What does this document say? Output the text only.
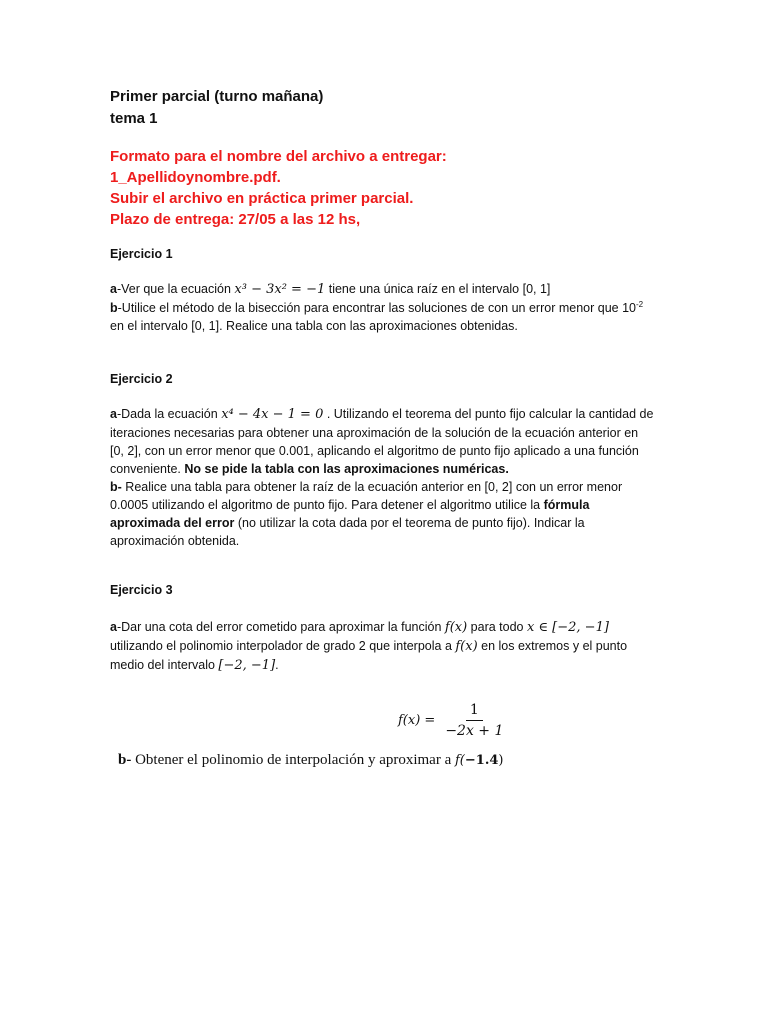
Primer parcial (turno mañana)
tema 1
Formato para el nombre del archivo a entregar:
1_Apellidoynombre.pdf.
Subir el archivo en práctica primer parcial.
Plazo de entrega: 27/05 a las 12 hs,
Ejercicio 1

a-Ver que la ecuación x³ − 3x² = −1 tiene una única raíz en el intervalo [0, 1]

b-Utilice el método de la bisección para encontrar las soluciones de con un error menor que $10^{-2}$ en el intervalo [0, 1]. Realice una tabla con las aproximaciones obtenidas.

Ejercicio 2

a-Dada la ecuación x⁴ − 4x − 1 = 0 . Utilizando el teorema del punto fijo calcular la cantidad de iteraciones necesarias para obtener una aproximación de la solución de la ecuación anterior en [0, 2], con un error menor que 0.001, aplicando el algoritmo de punto fijo aplicado a una función conveniente. No se pide la tabla con las aproximaciones numéricas.

b- Realice una tabla para obtener la raíz de la ecuación anterior en [0, 2] con un error menor 0.0005 utilizando el algoritmo de punto fijo. Para detener el algoritmo utilice la fórmula aproximada del error (no utilizar la cota dada por el teorema de punto fijo). Indicar la aproximación obtenida.

Ejercicio 3

a-Dar una cota del error cometido para aproximar la función f(x) para todo x ∈ [−2, −1] utilizando el polinomio interpolador de grado 2 que interpola a f(x) en los extremos y el punto medio del intervalo [−2, −1].

$f(x) = \frac{1}{-2x + 1}$
b- Obtener el polinomio de interpolación y aproximar a f(−1.4)
